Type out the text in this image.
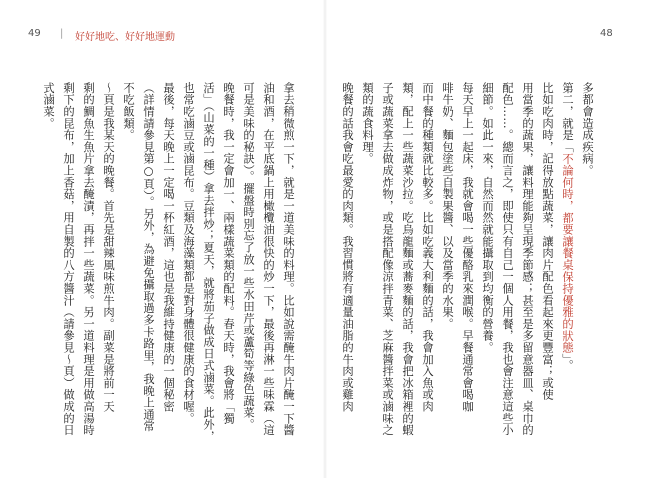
49 | 好好地吃、好好地運動
拿去稍微煎一下，就是一道美味的料理。比如說需醃牛肉片醃一下醬
油和酒，在平底鍋上用橄欖油很快的炒一下，最後再淋一些味霖（這
可是美味的秘訣）。擺盤時別忘了放一些水田芹或蘆筍等綠色蔬菜。
晚餐時，我一定會加一、兩樣蔬菜類的配料。春天時，我會將「獨
活」（山菜的一種）拿去拌炒；夏天，就將茄子做成日式滷菜。此外，
也常吃滷豆或滷昆布。豆類及海藻類都是對身體很健康的食材喔。
最後，每天晚上一定喝一杯紅酒，這也是我維持健康的一個秘密
（詳情請參見第○頁）。另外，為避免攝取過多卡路里，我晚上通常
不吃飯類。
～頁是我某天的晚餐。首先是甜辣風味煎牛肉。副菜是將前一天
剩的鯛魚生魚片拿去醃漬，再拌一些蔬菜。另一道料理是用做高湯時
剩下的昆布，加上香菇，用自製的八方醬汁（請參見～頁）做成的日
式滷菜。
48
多都會造成疾病。
第二，就是「不論何時，都要讓餐桌保持優雅的狀態」。
比如吃肉時，記得放點蔬菜，讓肉片配色看起來更豐富；或使
用當季的蔬果，讓料理能夠呈現季節感；甚至是多留意器皿、桌巾的
配色……。總而言之，即使只有自己一個人用餐，我也會注意這些小
細節。如此一來，自然而然就能攝取到均衡的營養。
每天早上一起床，我就會喝一些優酪乳來潤喉。早餐通常會喝咖
啡牛奶、麵包塗些自製果醬、以及當季的水果。
而中餐的種類就比較多。比如吃義大利麵的話，我會加入魚或肉
類，配上一些蔬菜沙拉。吃烏龍麵或蕎麥麵的話，我會把冰箱裡的蝦
子或蔬菜拿去做成炸物，或是搭配像涼拌青菜、芝麻醬拌菜或滷味之
類的蔬食料理。
晚餐的話我會吃最愛的肉類。我習慣將有適量油脂的牛肉或雞肉
